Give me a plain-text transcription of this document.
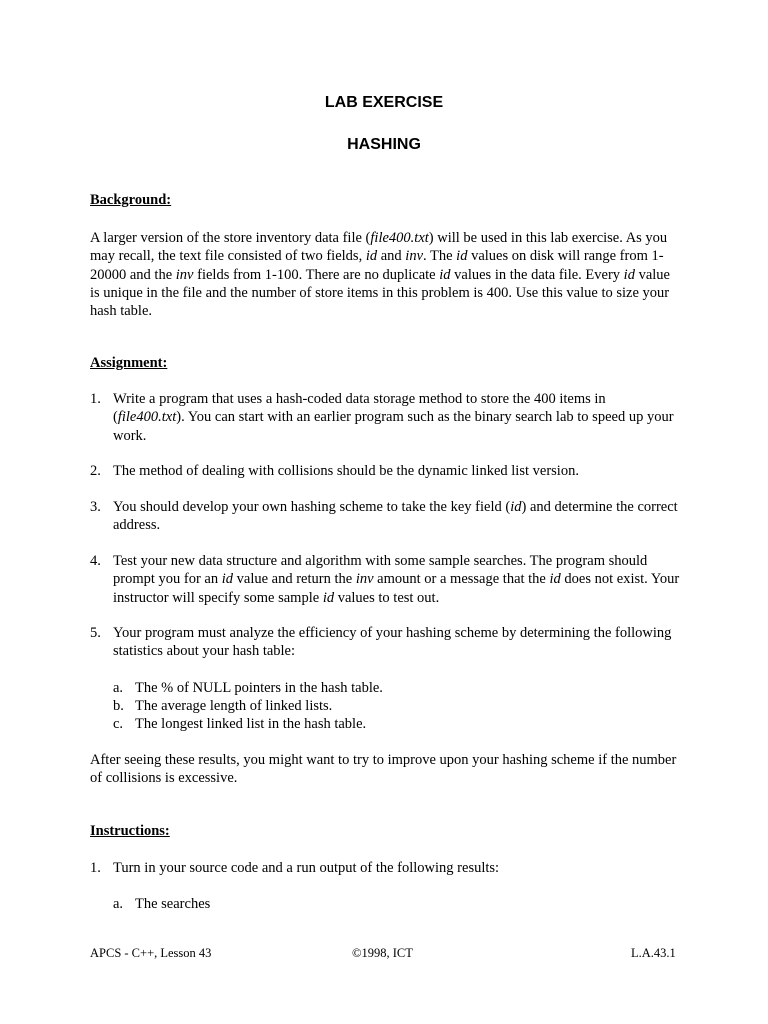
LAB EXERCISE
HASHING
Background:
A larger version of the store inventory data file (file400.txt) will be used in this lab exercise. As you may recall, the text file consisted of two fields, id and inv. The id values on disk will range from 1-20000 and the inv fields from 1-100. There are no duplicate id values in the data file. Every id value is unique in the file and the number of store items in this problem is 400. Use this value to size your hash table.
Assignment:
1. Write a program that uses a hash-coded data storage method to store the 400 items in (file400.txt). You can start with an earlier program such as the binary search lab to speed up your work.
2. The method of dealing with collisions should be the dynamic linked list version.
3. You should develop your own hashing scheme to take the key field (id) and determine the correct address.
4. Test your new data structure and algorithm with some sample searches. The program should prompt you for an id value and return the inv amount or a message that the id does not exist. Your instructor will specify some sample id values to test out.
5. Your program must analyze the efficiency of your hashing scheme by determining the following statistics about your hash table:
a. The % of NULL pointers in the hash table.
b. The average length of linked lists.
c. The longest linked list in the hash table.
After seeing these results, you might want to try to improve upon your hashing scheme if the number of collisions is excessive.
Instructions:
1. Turn in your source code and a run output of the following results:
a. The searches
APCS - C++, Lesson 43	©1998, ICT	L.A.43.1
